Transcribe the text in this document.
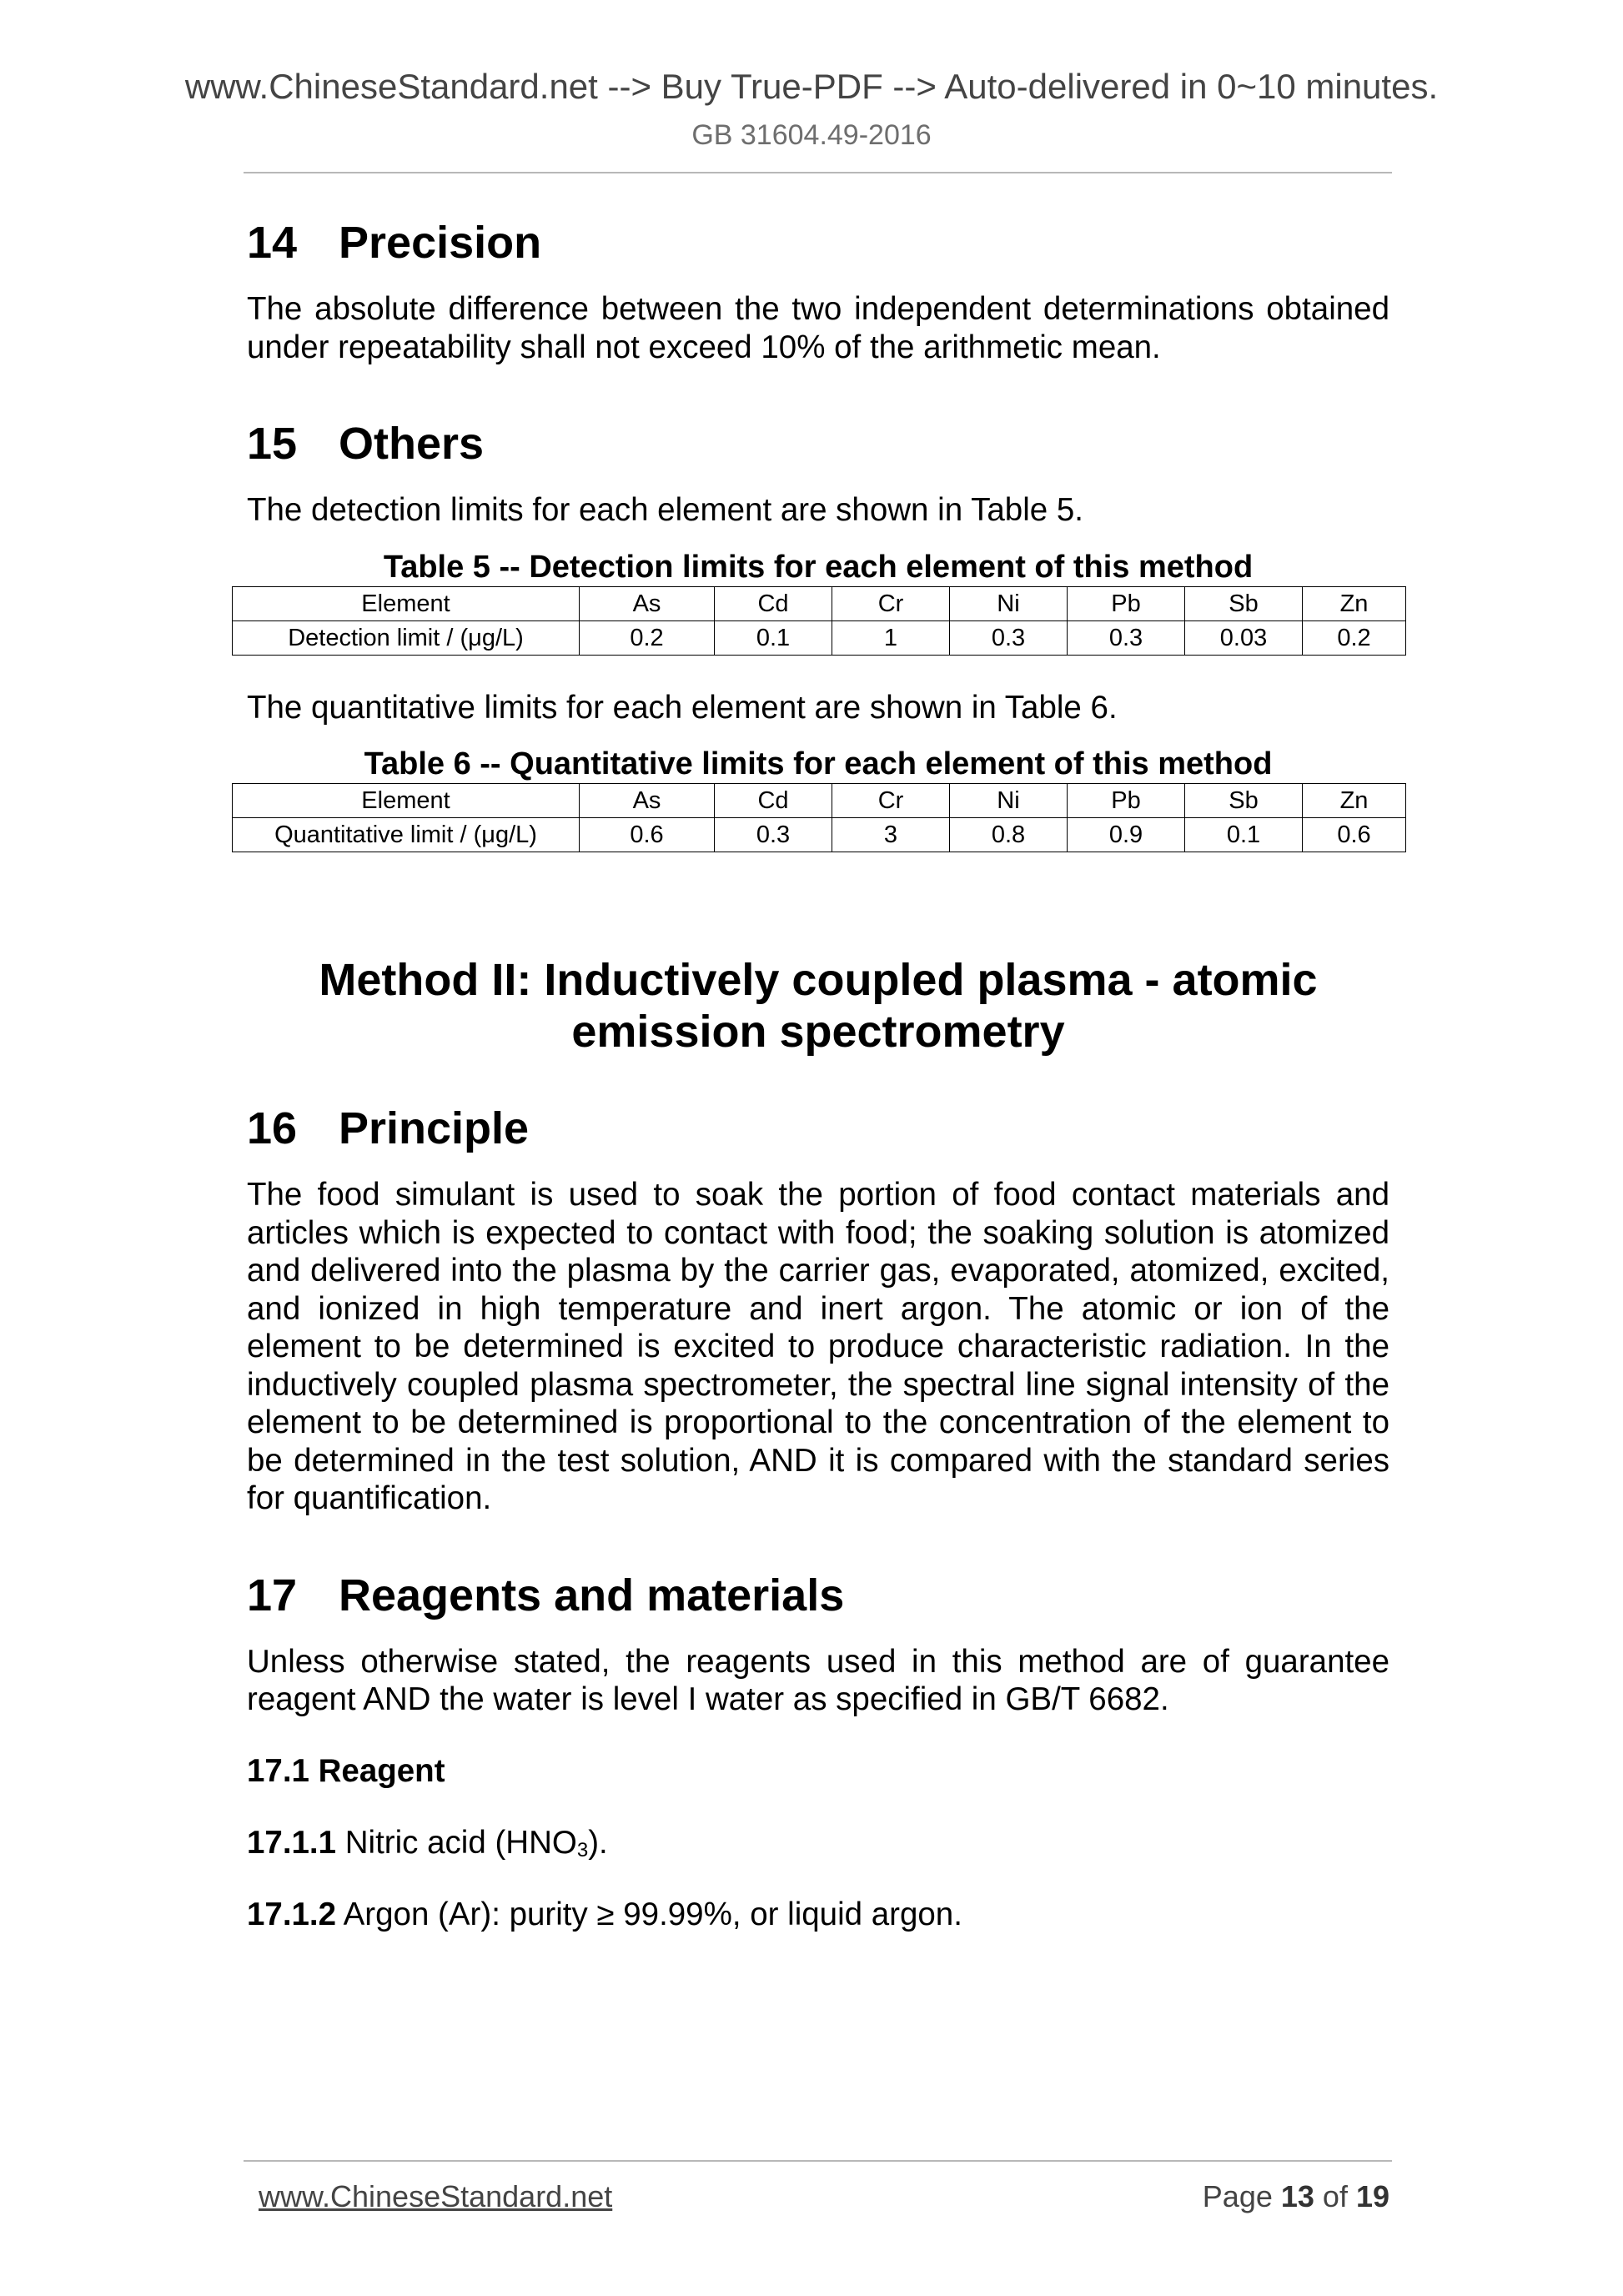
www.ChineseStandard.net --> Buy True-PDF --> Auto-delivered in 0~10 minutes.
GB 31604.49-2016
14 Precision

The absolute difference between the two independent determinations obtained under repeatability shall not exceed 10% of the arithmetic mean.

15 Others

The detection limits for each element are shown in Table 5.

Table 5 -- Detection limits for each element of this method

Element	As	Cd	Cr	Ni	Pb	Sb	Zn
Detection limit / (μg/L)	0.2	0.1	1	0.3	0.3	0.03	0.2

The quantitative limits for each element are shown in Table 6.

Table 6 -- Quantitative limits for each element of this method

Element	As	Cd	Cr	Ni	Pb	Sb	Zn
Quantitative limit / (μg/L)	0.6	0.3	3	0.8	0.9	0.1	0.6
Method II: Inductively coupled plasma - atomic
emission spectrometry
16 Principle

The food simulant is used to soak the portion of food contact materials and articles which is expected to contact with food; the soaking solution is atomized and delivered into the plasma by the carrier gas, evaporated, atomized, excited, and ionized in high temperature and inert argon. The atomic or ion of the element to be determined is excited to produce characteristic radiation. In the inductively coupled plasma spectrometer, the spectral line signal intensity of the element to be determined is proportional to the concentration of the element to be determined in the test solution, AND it is compared with the standard series for quantification.

17 Reagents and materials

Unless otherwise stated, the reagents used in this method are of guarantee reagent AND the water is level I water as specified in GB/T 6682.

17.1 Reagent

17.1.1 Nitric acid $(HNO_3)$.

17.1.2 Argon (Ar): purity ≥ 99.99%, or liquid argon.

www.ChineseStandard.net	Page 13 of 19
